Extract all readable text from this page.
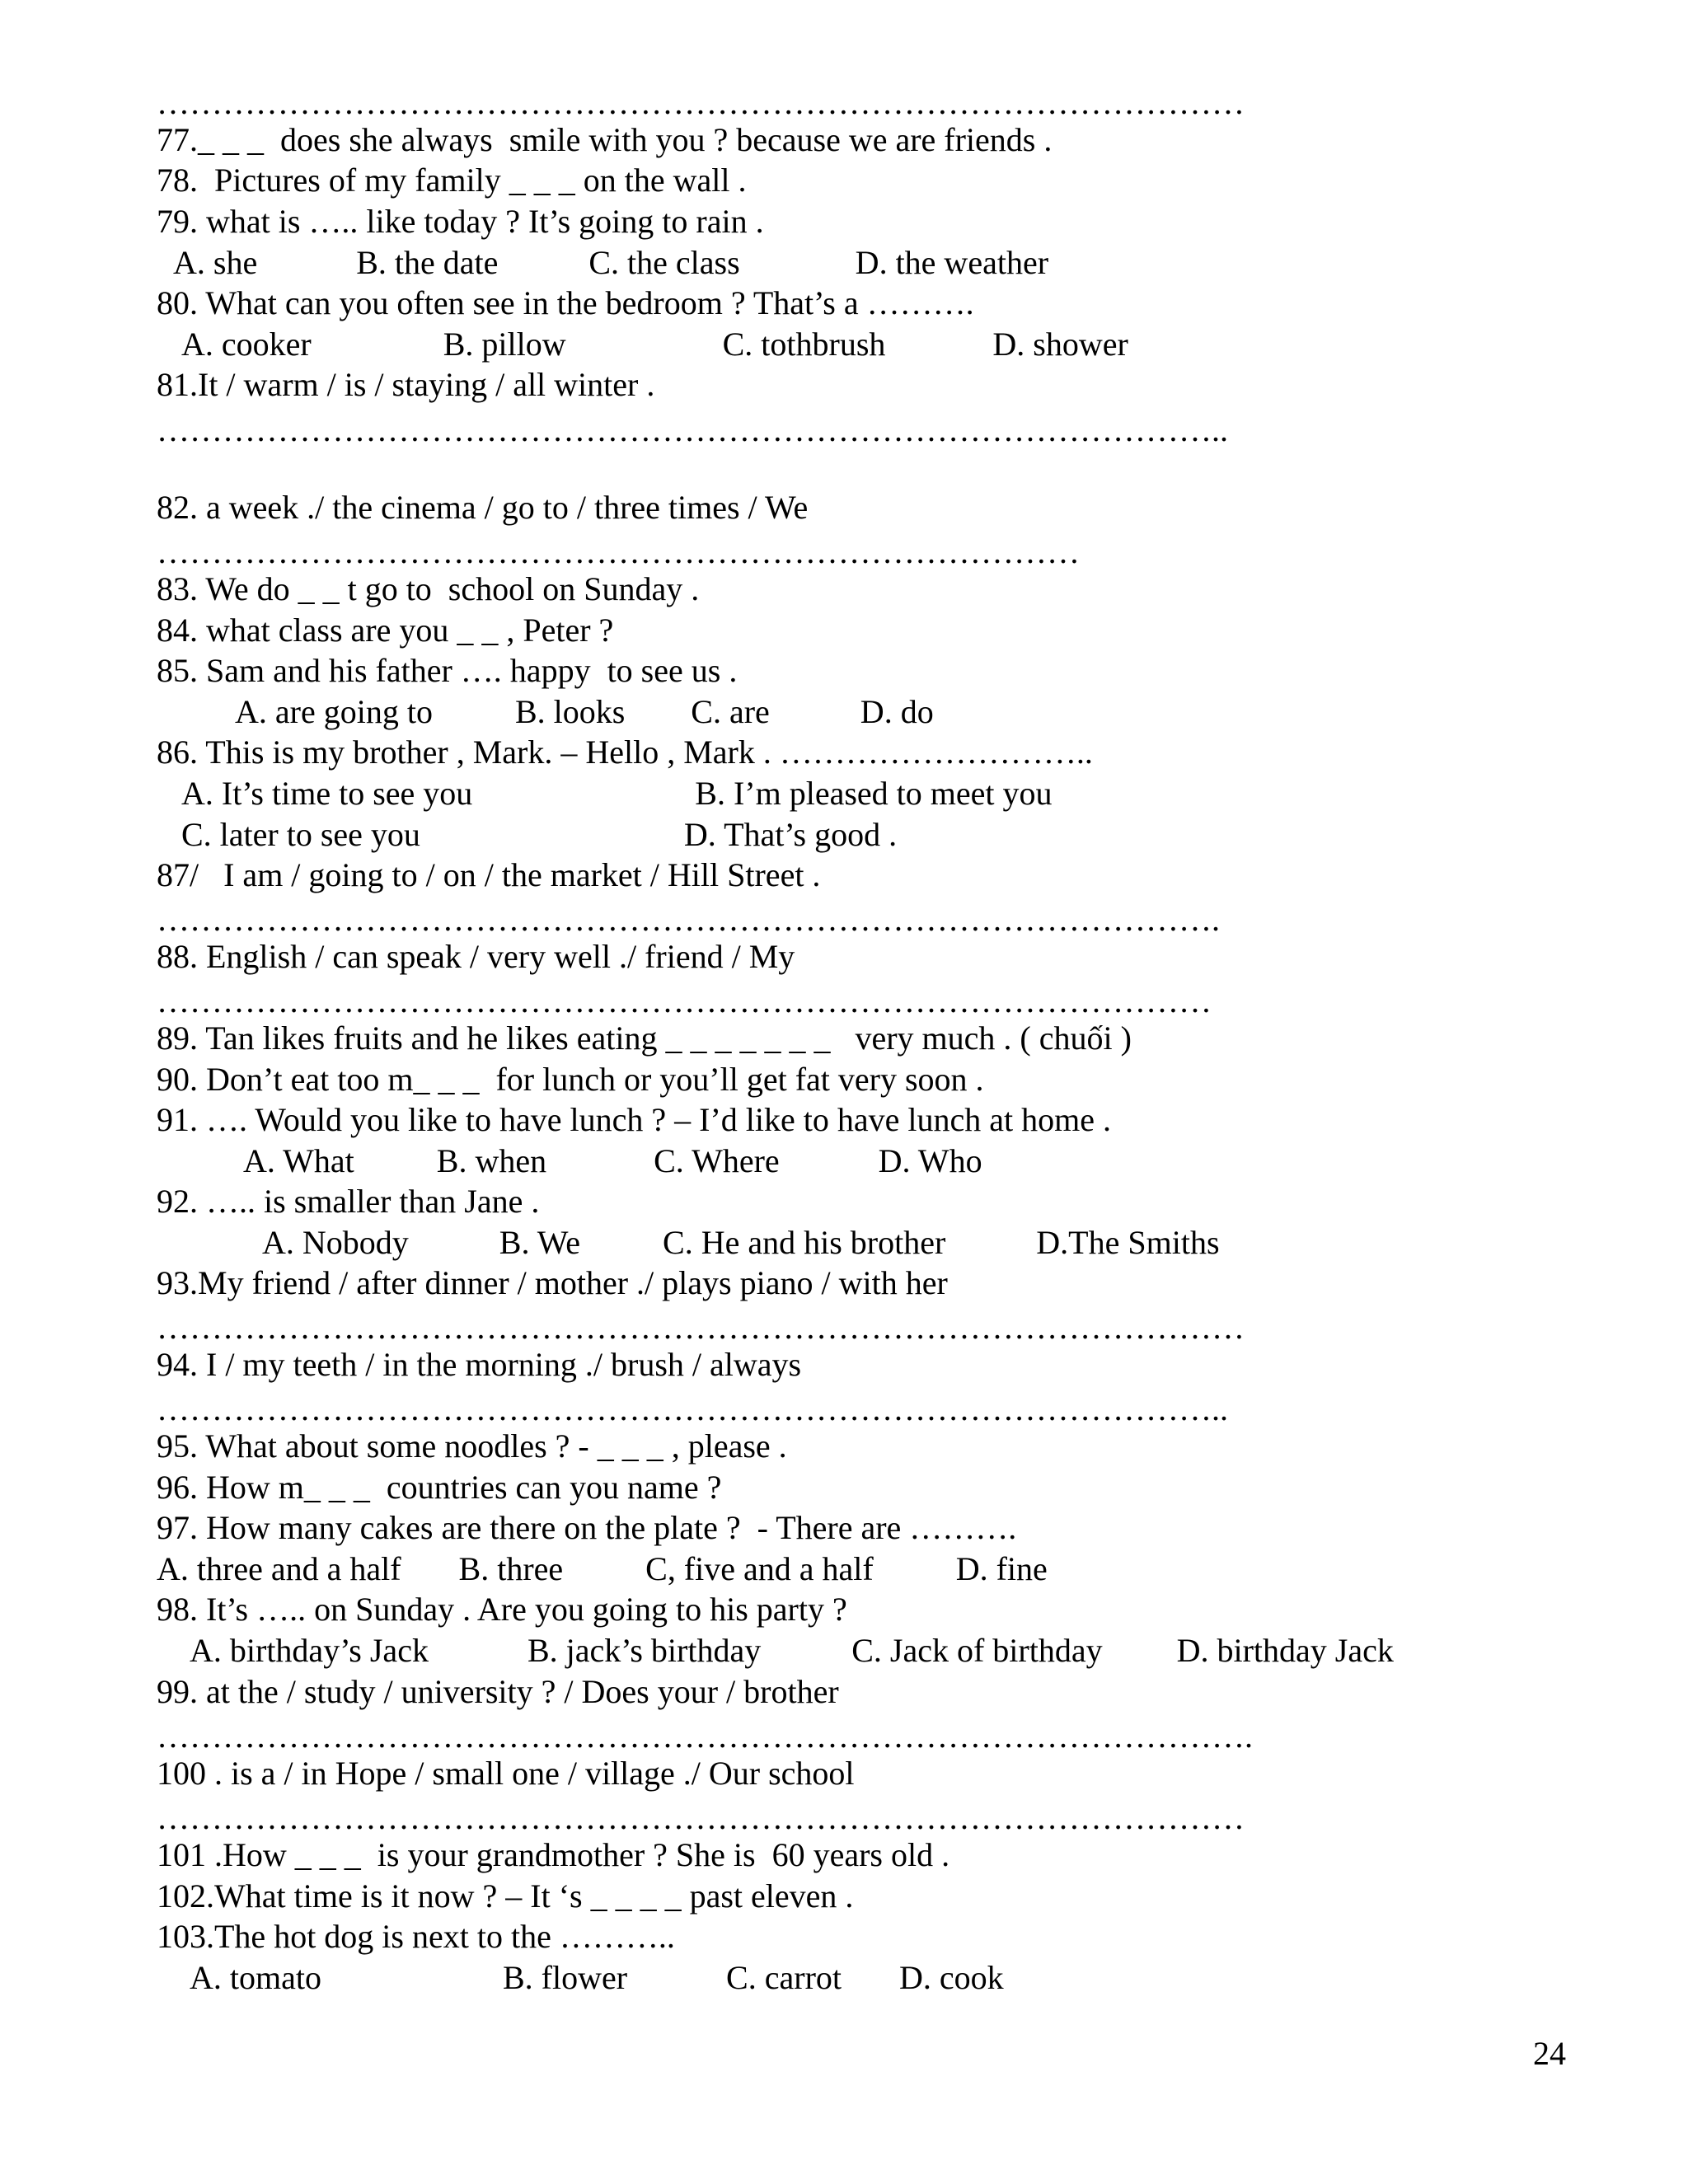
………………………………………………………………………………………
77._ _ _  does she always  smile with you ? because we are friends .
78.  Pictures of my family _ _ _ on the wall .
79. what is ….. like today ? It’s going to rain .
A. she            B. the date           C. the class              D. the weather
80. What can you often see in the bedroom ? That’s a ……….
A. cooker                B. pillow                   C. tothbrush             D. shower
81.It / warm / is / staying / all winter .
……………………………………………………………………………………..
82. a week ./ the cinema / go to / three times / We
…………………………………………………………………………
83. We do _ _ t go to  school on Sunday .
84. what class are you _ _ , Peter ?
85. Sam and his father …. happy  to see us .
A. are going to          B. looks        C. are           D. do
86. This is my brother , Mark. – Hello , Mark . ………………………..
A. It’s time to see you                           B. I’m pleased to meet you
C. later to see you                                D. That’s good .
87/   I am / going to / on / the market / Hill Street .
…………………………………………………………………………………….
88. English / can speak / very well ./ friend / My
……………………………………………………………………………………
89. Tan likes fruits and he likes eating _ _ _ _ _ _ _   very much . ( chuối )
90. Don’t eat too m_ _ _  for lunch or you’ll get fat very soon .
91. …. Would you like to have lunch ? – I’d like to have lunch at home .
A. What          B. when             C. Where            D. Who
92. ….. is smaller than Jane .
A. Nobody           B. We          C. He and his brother           D.The Smiths
93.My friend / after dinner / mother ./ plays piano / with her
………………………………………………………………………………………
94. I / my teeth / in the morning ./ brush / always
……………………………………………………………………………………..
95. What about some noodles ? - _ _ _ , please .
96. How m_ _ _  countries can you name ?
97. How many cakes are there on the plate ?  - There are ……….
A. three and a half       B. three          C, five and a half          D. fine
98. It’s ….. on Sunday . Are you going to his party ?
A. birthday’s Jack            B. jack’s birthday           C. Jack of birthday         D. birthday Jack
99. at the / study / university ? / Does your / brother
……………………………………………………………………………………….
100 . is a / in Hope / small one / village ./ Our school
………………………………………………………………………………………
101 .How _ _ _  is your grandmother ? She is  60 years old .
102.What time is it now ? – It ‘s _ _ _ _ past eleven .
103.The hot dog is next to the ………..
A. tomato                      B. flower            C. carrot       D. cook
24
